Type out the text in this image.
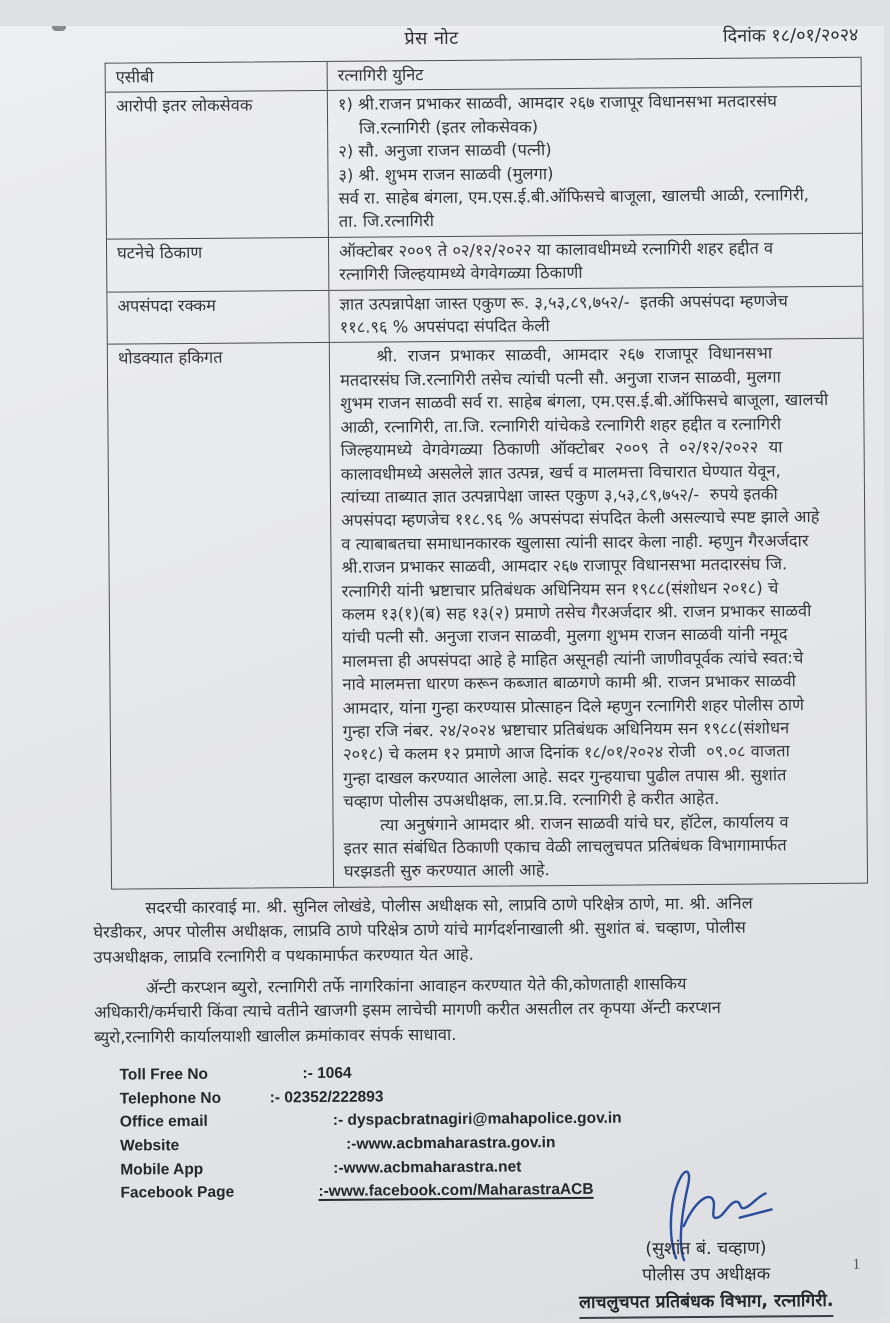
प्रेस नोट	दिनांक १८/०१/२०२४
एसीबी	रत्नागिरी युनिट
आरोपी इतर लोकसेवक	१) श्री.राजन प्रभाकर साळवी, आमदार २६७ राजापूर विधानसभा मतदारसंघ
जि.रत्नागिरी (इतर लोकसेवक)
२) सौ. अनुजा राजन साळवी (पत्नी)
३) श्री. शुभम राजन साळवी (मुलगा)
सर्व रा. साहेब बंगला, एम.एस.ई.बी.ऑफिसचे बाजूला, खालची आळी, रत्नागिरी,
ता. जि.रत्नागिरी
घटनेचे ठिकाण	ऑक्टोबर २००९ ते ०२/१२/२०२२ या कालावधीमध्ये रत्नागिरी शहर हद्दीत व
रत्नागिरी जिल्हयामध्ये वेगवेगळ्या ठिकाणी
अपसंपदा रक्कम	ज्ञात उत्पन्नापेक्षा जास्त एकुण रू. ३,५३,८९,७५२/-  इतकी अपसंपदा म्हणजेच
११८.९६ % अपसंपदा संपदित केली
थोडक्यात हकिगत	श्री.  राजन  प्रभाकर  साळवी,  आमदार  २६७  राजापूर  विधानसभा
मतदारसंघ जि.रत्नागिरी तसेच त्यांची पत्नी सौ. अनुजा राजन साळवी, मुलगा
शुभम राजन साळवी सर्व रा. साहेब बंगला, एम.एस.ई.बी.ऑफिसचे बाजूला, खालची
आळी, रत्नागिरी, ता.जि. रत्नागिरी यांचेकडे रत्नागिरी शहर हद्दीत व रत्नागिरी
जिल्हयामध्ये  वेगवेगळ्या  ठिकाणी  ऑक्टोबर  २००९  ते  ०२/१२/२०२२  या
कालावधीमध्ये असलेले ज्ञात उत्पन्न, खर्च व मालमत्ता विचारात घेण्यात येवून,
त्यांच्या ताब्यात ज्ञात उत्पन्नापेक्षा जास्त एकुण ३,५३,८९,७५२/-  रुपये इतकी
अपसंपदा म्हणजेच ११८.९६ % अपसंपदा संपदित केली असल्याचे स्पष्ट झाले आहे
व त्याबाबतचा समाधानकारक खुलासा त्यांनी सादर केला नाही. म्हणुन गैरअर्जदार
श्री.राजन प्रभाकर साळवी, आमदार २६७ राजापूर विधानसभा मतदारसंघ जि.
रत्नागिरी यांनी भ्रष्टाचार प्रतिबंधक अधिनियम सन १९८८(संशोधन २०१८) चे
कलम १३(१)(ब) सह १३(२) प्रमाणे तसेच गैरअर्जदार श्री. राजन प्रभाकर साळवी
यांची पत्नी सौ. अनुजा राजन साळवी, मुलगा शुभम राजन साळवी यांनी नमूद
मालमत्ता ही अपसंपदा आहे हे माहित असूनही त्यांनी जाणीवपूर्वक त्यांचे स्वत:चे
नावे मालमत्ता धारण करून कब्जात बाळगणे कामी श्री. राजन प्रभाकर साळवी
आमदार, यांना गुन्हा करण्यास प्रोत्साहन दिले म्हणुन रत्नागिरी शहर पोलीस ठाणे
गुन्हा रजि नंबर. २४/२०२४ भ्रष्टाचार प्रतिबंधक अधिनियम सन १९८८(संशोधन
२०१८) चे कलम १२ प्रमाणे आज दिनांक १८/०१/२०२४ रोजी  ०९.०८ वाजता
गुन्हा दाखल करण्यात आलेला आहे. सदर गुन्हयाचा पुढील तपास श्री. सुशांत
चव्हाण पोलीस उपअधीक्षक, ला.प्र.वि. रत्नागिरी हे करीत आहेत.
त्या अनुषंगाने आमदार श्री. राजन साळवी यांचे घर, हॉटेल, कार्यालय व
इतर सात संबंधित ठिकाणी एकाच वेळी लाचलुचपत प्रतिबंधक विभागामार्फत
घरझडती सुरु करण्यात आली आहे.
सदरची कारवाई मा. श्री. सुनिल लोखंडे, पोलीस अधीक्षक सो, लाप्रवि ठाणे परिक्षेत्र ठाणे, मा. श्री. अनिल
घेरडीकर, अपर पोलीस अधीक्षक, लाप्रवि ठाणे परिक्षेत्र ठाणे यांचे मार्गदर्शनाखाली श्री. सुशांत बं. चव्हाण, पोलीस
उपअधीक्षक, लाप्रवि रत्नागिरी व पथकामार्फत करण्यात येत आहे.
ॲन्टी करप्शन ब्युरो, रत्नागिरी तर्फे नागरिकांना आवाहन करण्यात येते की,कोणताही शासकिय
अधिकारी/कर्मचारी किंवा त्याचे वतीने खाजगी इसम लाचेची मागणी करीत असतील तर कृपया ॲन्टी करप्शन
ब्युरो,रत्नागिरी कार्यालयाशी खालील क्रमांकावर संपर्क साधावा.
Toll Free No	:- 1064
Telephone No	:- 02352/222893
Office email	:- dyspacbratnagiri@mahapolice.gov.in
Website	:-www.acbmaharastra.gov.in
Mobile App	:-www.acbmaharastra.net
Facebook Page	:-www.facebook.com/MaharastraACB
(सुशांत बं. चव्हाण)
पोलीस उप अधीक्षक
लाचलुचपत प्रतिबंधक विभाग, रत्नागिरी.
1
